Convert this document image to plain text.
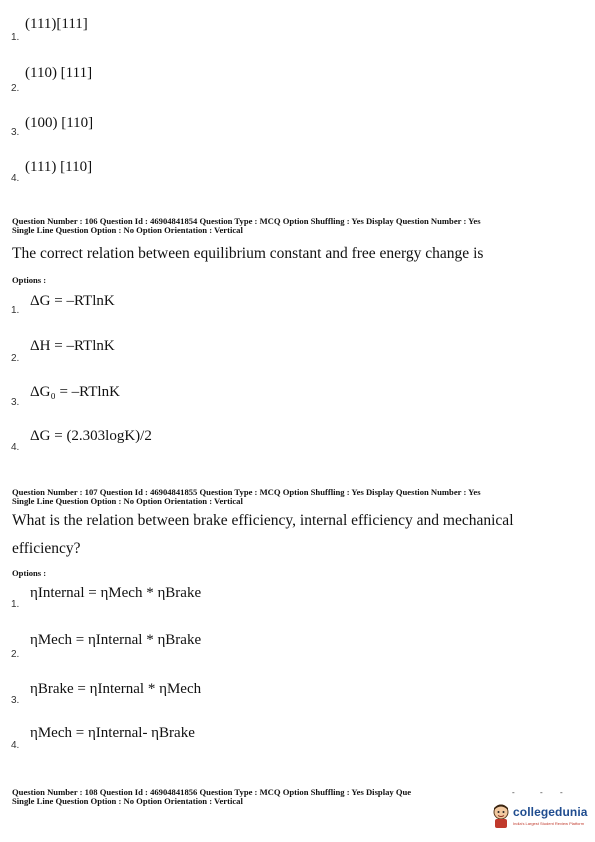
1.
(111)[111]
2.
(110) [111]
3.
(100) [110]
4.
(111) [110]
Question Number : 106 Question Id : 46904841854 Question Type : MCQ Option Shuffling : Yes Display Question Number : Yes
Single Line Question Option : No Option Orientation : Vertical
The correct relation between equilibrium constant and free energy change is
Options :
1.
ΔG = –RTlnK
2.
ΔH = –RTlnK
3.
ΔG₀ = –RTlnK
4.
ΔG = (2.303logK)/2
Question Number : 107 Question Id : 46904841855 Question Type : MCQ Option Shuffling : Yes Display Question Number : Yes
Single Line Question Option : No Option Orientation : Vertical
What is the relation between brake efficiency, internal efficiency and mechanical
efficiency?
Options :
1.
ηInternal = ηMech * ηBrake
2.
ηMech = ηInternal * ηBrake
3.
ηBrake = ηInternal * ηMech
4.
ηMech = ηInternal- ηBrake
Question Number : 108 Question Id : 46904841856 Question Type : MCQ Option Shuffling : Yes Display Que
Single Line Question Option : No Option Orientation : Vertical
-	- -
collegedunia
India's Largest Student Review Platform
